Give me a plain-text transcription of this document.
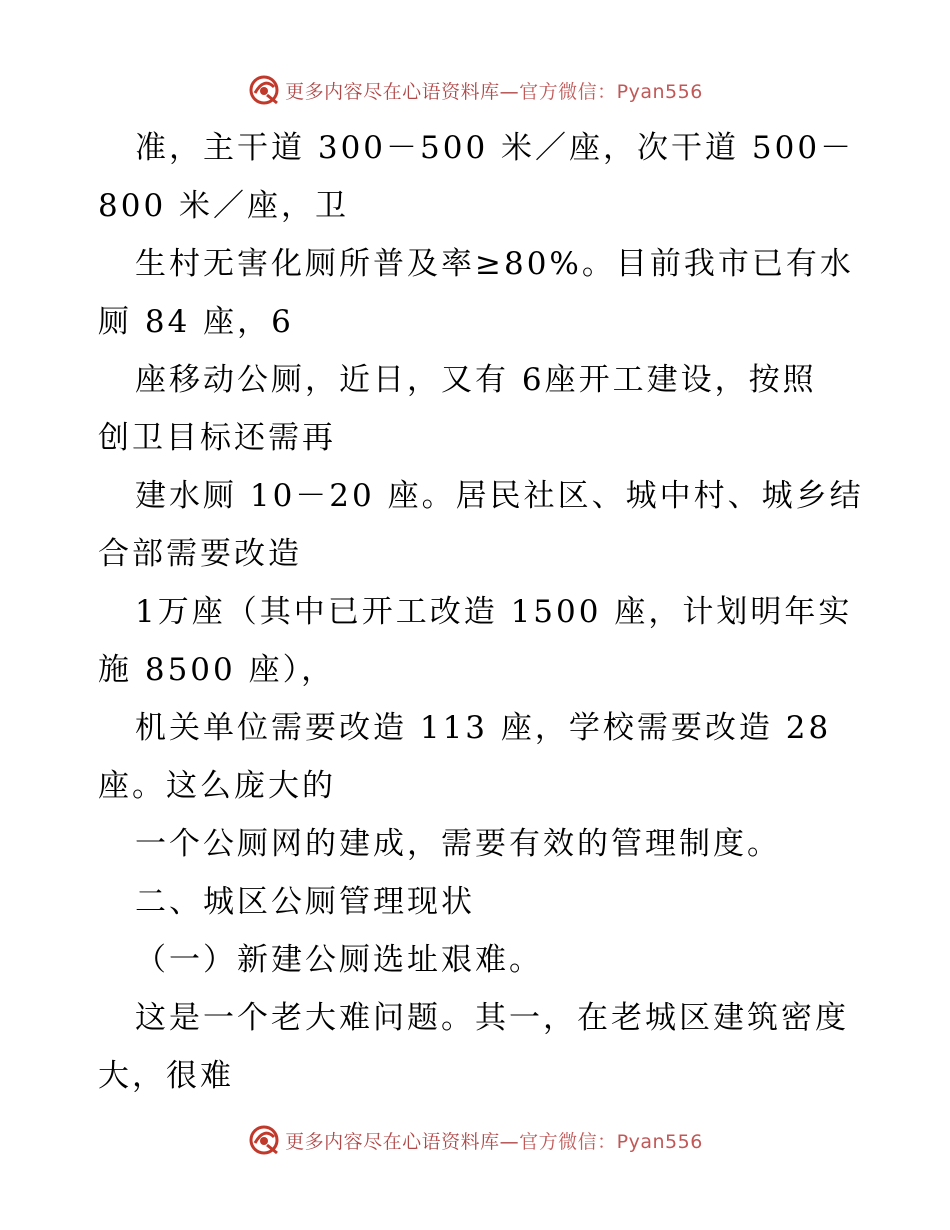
更多内容尽在心语资料库—官方微信：Pyan556
准，主干道 300－500 米／座，次干道 500－
800 米／座，卫
生村无害化厕所普及率≥80%。目前我市已有水
厕 84 座，6
座移动公厕，近日，又有 6座开工建设，按照
创卫目标还需再
建水厕 10－20 座。居民社区、城中村、城乡结
合部需要改造
1万座（其中已开工改造 1500 座，计划明年实
施 8500 座），
机关单位需要改造 113 座，学校需要改造 28
座。这么庞大的
一个公厕网的建成，需要有效的管理制度。
二、城区公厕管理现状
（一）新建公厕选址艰难。
这是一个老大难问题。其一，在老城区建筑密度
大，很难
更多内容尽在心语资料库—官方微信：Pyan556
